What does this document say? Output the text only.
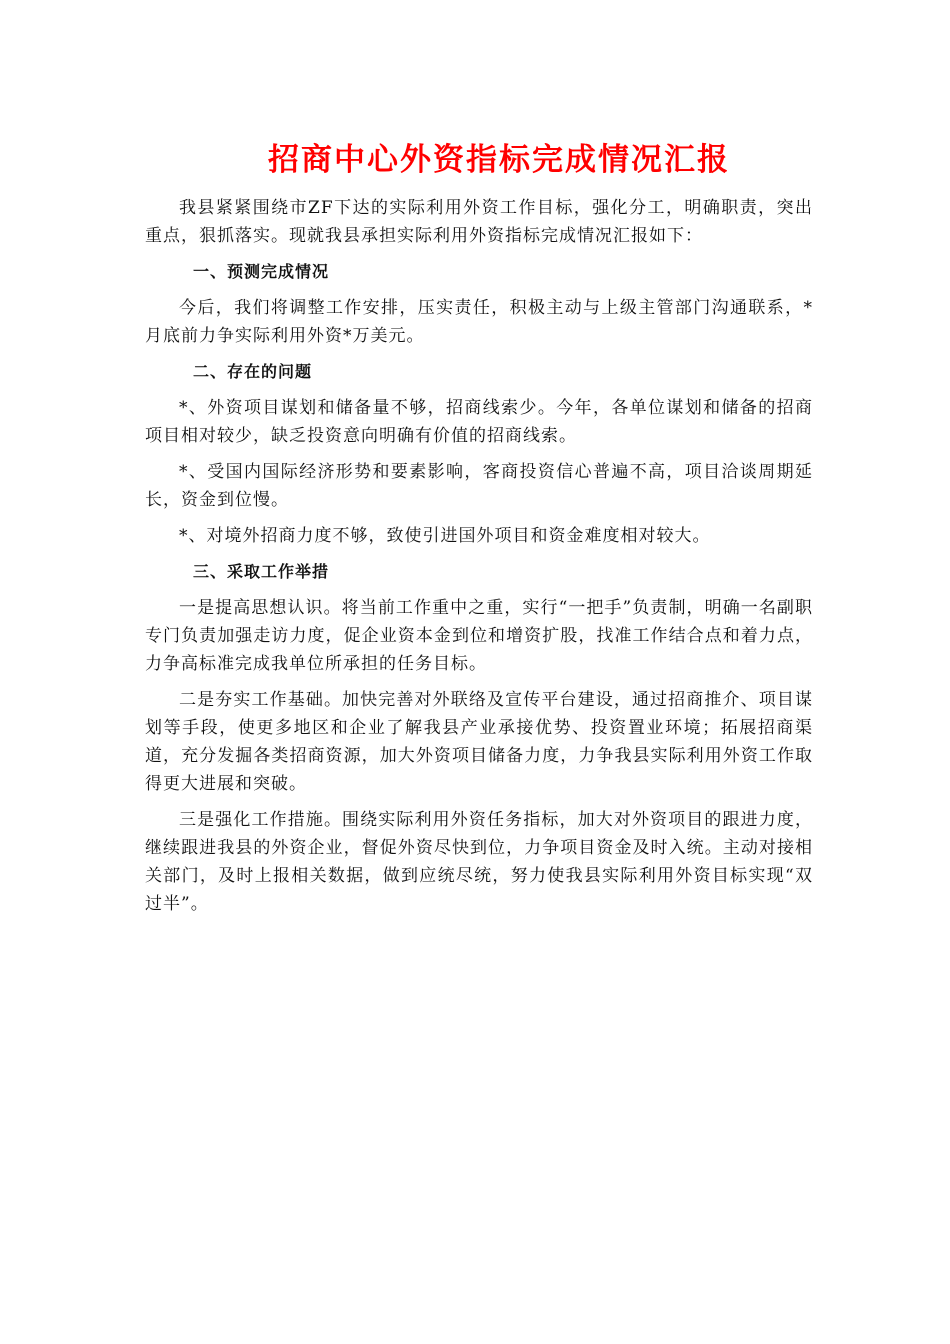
招商中心外资指标完成情况汇报

我县紧紧围绕市ZF下达的实际利用外资工作目标，强化分工，明确职责，突出重点，狠抓落实。现就我县承担实际利用外资指标完成情况汇报如下：

一、预测完成情况

今后，我们将调整工作安排，压实责任，积极主动与上级主管部门沟通联系，*月底前力争实际利用外资*万美元。

二、存在的问题

*、外资项目谋划和储备量不够，招商线索少。今年，各单位谋划和储备的招商项目相对较少，缺乏投资意向明确有价值的招商线索。

*、受国内国际经济形势和要素影响，客商投资信心普遍不高，项目洽谈周期延长，资金到位慢。

*、对境外招商力度不够，致使引进国外项目和资金难度相对较大。

三、采取工作举措

一是提高思想认识。将当前工作重中之重，实行“一把手”负责制，明确一名副职专门负责加强走访力度，促企业资本金到位和增资扩股，找准工作结合点和着力点，力争高标准完成我单位所承担的任务目标。

二是夯实工作基础。加快完善对外联络及宣传平台建设，通过招商推介、项目谋划等手段，使更多地区和企业了解我县产业承接优势、投资置业环境；拓展招商渠道，充分发掘各类招商资源，加大外资项目储备力度，力争我县实际利用外资工作取得更大进展和突破。

三是强化工作措施。围绕实际利用外资任务指标，加大对外资项目的跟进力度，继续跟进我县的外资企业，督促外资尽快到位，力争项目资金及时入统。主动对接相关部门，及时上报相关数据，做到应统尽统，努力使我县实际利用外资目标实现“双过半”。
